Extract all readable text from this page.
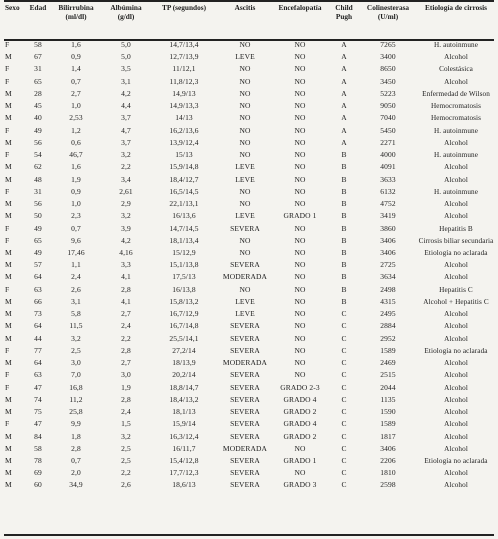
Sexo	Edad	Bilirrubina (ml/dl)	Albúmina (g/dl)	TP (segundos)	Ascitis	Encefalopatía	Child Pugh	Colinesterasa (U/ml)	Etiología de cirrosis
F	58	1,6	5,0	14,7/13,4	NO	NO	A	7265	H. autoinmune
M	67	0,9	5,0	12,7/13,9	LEVE	NO	A	3400	Alcohol
F	31	1,4	3,5	11/12,1	NO	NO	A	8650	Colestásica
F	65	0,7	3,1	11,8/12,3	NO	NO	A	3450	Alcohol
M	28	2,7	4,2	14,9/13	NO	NO	A	5223	Enfermedad de Wilson
M	45	1,0	4,4	14,9/13,3	NO	NO	A	9050	Hemocromatosis
M	40	2,53	3,7	14/13	NO	NO	A	7040	Hemocromatosis
F	49	1,2	4,7	16,2/13,6	NO	NO	A	5450	H. autoinmune
M	56	0,6	3,7	13,9/12,4	NO	NO	A	2271	Alcohol
F	54	46,7	3,2	15/13	NO	NO	B	4000	H. autoinmune
M	62	1,6	2,2	15,9/14,8	LEVE	NO	B	4091	Alcohol
M	48	1,9	3,4	18,4/12,7	LEVE	NO	B	3633	Alcohol
F	31	0,9	2,61	16,5/14,5	NO	NO	B	6132	H. autoinmune
M	56	1,0	2,9	22,1/13,1	NO	NO	B	4752	Alcohol
M	50	2,3	3,2	16/13,6	LEVE	GRADO 1	B	3419	Alcohol
F	49	0,7	3,9	14,7/14,5	SEVERA	NO	B	3860	Hepatitis B
F	65	9,6	4,2	18,1/13,4	NO	NO	B	3406	Cirrosis biliar secundaria
M	49	17,46	4,16	15/12,9	NO	NO	B	3406	Etiología no aclarada
M	57	1,1	3,3	15,1/13,8	SEVERA	NO	B	2725	Alcohol
M	64	2,4	4,1	17,5/13	MODERADA	NO	B	3634	Alcohol
F	63	2,6	2,8	16/13,8	NO	NO	B	2498	Hepatitis C
M	66	3,1	4,1	15,8/13,2	LEVE	NO	B	4315	Alcohol + Hepatitis C
M	73	5,8	2,7	16,7/12,9	LEVE	NO	C	2495	Alcohol
M	64	11,5	2,4	16,7/14,8	SEVERA	NO	C	2884	Alcohol
M	44	3,2	2,2	25,5/14,1	SEVERA	NO	C	2952	Alcohol
F	77	2,5	2,8	27,2/14	SEVERA	NO	C	1589	Etiología no aclarada
M	64	3,0	2,7	18/13,9	MODERADA	NO	C	2469	Alcohol
F	63	7,0	3,0	20,2/14	SEVERA	NO	C	2515	Alcohol
F	47	16,8	1,9	18,8/14,7	SEVERA	GRADO 2-3	C	2044	Alcohol
M	74	11,2	2,8	18,4/13,2	SEVERA	GRADO 4	C	1135	Alcohol
M	75	25,8	2,4	18,1/13	SEVERA	GRADO 2	C	1590	Alcohol
F	47	9,9	1,5	15,9/14	SEVERA	GRADO 4	C	1589	Alcohol
M	84	1,8	3,2	16,3/12,4	SEVERA	GRADO 2	C	1817	Alcohol
M	58	2,8	2,5	16/11,7	MODERADA	NO	C	3406	Alcohol
M	78	0,7	2,5	15,4/12,8	SEVERA	GRADO 1	C	2206	Etiología no aclarada
M	69	2,0	2,2	17,7/12,3	SEVERA	NO	C	1810	Alcohol
M	60	34,9	2,6	18,6/13	SEVERA	GRADO 3	C	2598	Alcohol
